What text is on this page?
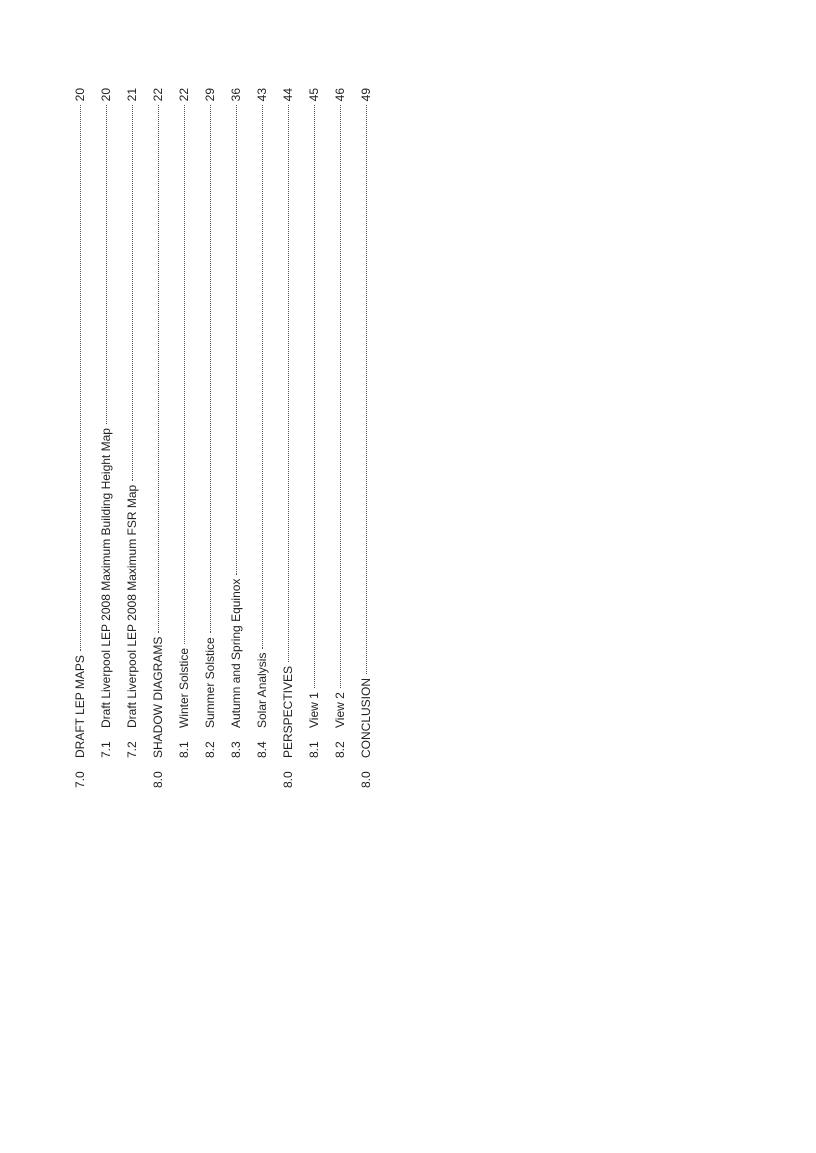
7.0
DRAFT LEP MAPS
20
7.1
Draft Liverpool LEP 2008 Maximum Building Height Map
20
7.2
Draft Liverpool LEP 2008 Maximum FSR Map
21
8.0
SHADOW DIAGRAMS
22
8.1
Winter Solstice
22
8.2
Summer Solstice
29
8.3
Autumn and Spring Equinox
36
8.4
Solar Analysis
43
8.0
PERSPECTIVES
44
8.1
View 1
45
8.2
View 2
46
8.0
CONCLUSION
49
